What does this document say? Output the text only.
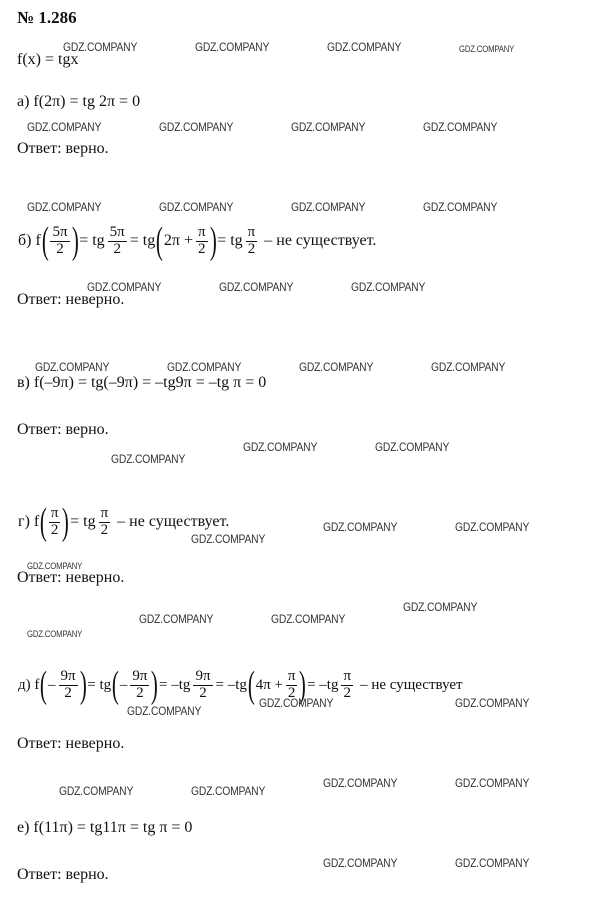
№ 1.286
f(x) = tgx
а) f(2π) = tg 2π = 0
Ответ: верно.
б) f ( $\frac{5\pi}{2}$ ) = tg $\frac{5\pi}{2}$ = tg ( $2\pi + \frac{\pi}{2}$ ) = tg $\frac{\pi}{2}$ – не существует.
Ответ: неверно.
в) f(–9π) = tg(–9π) = –tg9π = –tg π = 0
Ответ: верно.
г) f ( $\frac{\pi}{2}$ ) = tg $\frac{\pi}{2}$ – не существует.
Ответ: неверно.
д) f ( – $\frac{9\pi}{2}$ ) = tg ( – $\frac{9\pi}{2}$ ) = $-tg \frac{9\pi}{2} = -tg$ ( $4\pi + \frac{\pi}{2}$ ) = $-tg \frac{\pi}{2}$ – не существует
Ответ: неверно.
е) f(11π) = tg11π = tg π = 0
Ответ: верно.
GDZ.COMPANY	GDZ.COMPANY	GDZ.COMPANY	GDZ.COMPANY
GDZ.COMPANY	GDZ.COMPANY	GDZ.COMPANY	GDZ.COMPANY
GDZ.COMPANY	GDZ.COMPANY	GDZ.COMPANY	GDZ.COMPANY
GDZ.COMPANY	GDZ.COMPANY	GDZ.COMPANY
GDZ.COMPANY	GDZ.COMPANY	GDZ.COMPANY	GDZ.COMPANY
GDZ.COMPANY	GDZ.COMPANY
GDZ.COMPANY
GDZ.COMPANY	GDZ.COMPANY
GDZ.COMPANY
GDZ.COMPANY
GDZ.COMPANY
GDZ.COMPANY	GDZ.COMPANY
GDZ.COMPANY
GDZ.COMPANY
GDZ.COMPANY	GDZ.COMPANY
GDZ.COMPANY	GDZ.COMPANY
GDZ.COMPANY	GDZ.COMPANY
GDZ.COMPANY	GDZ.COMPANY
